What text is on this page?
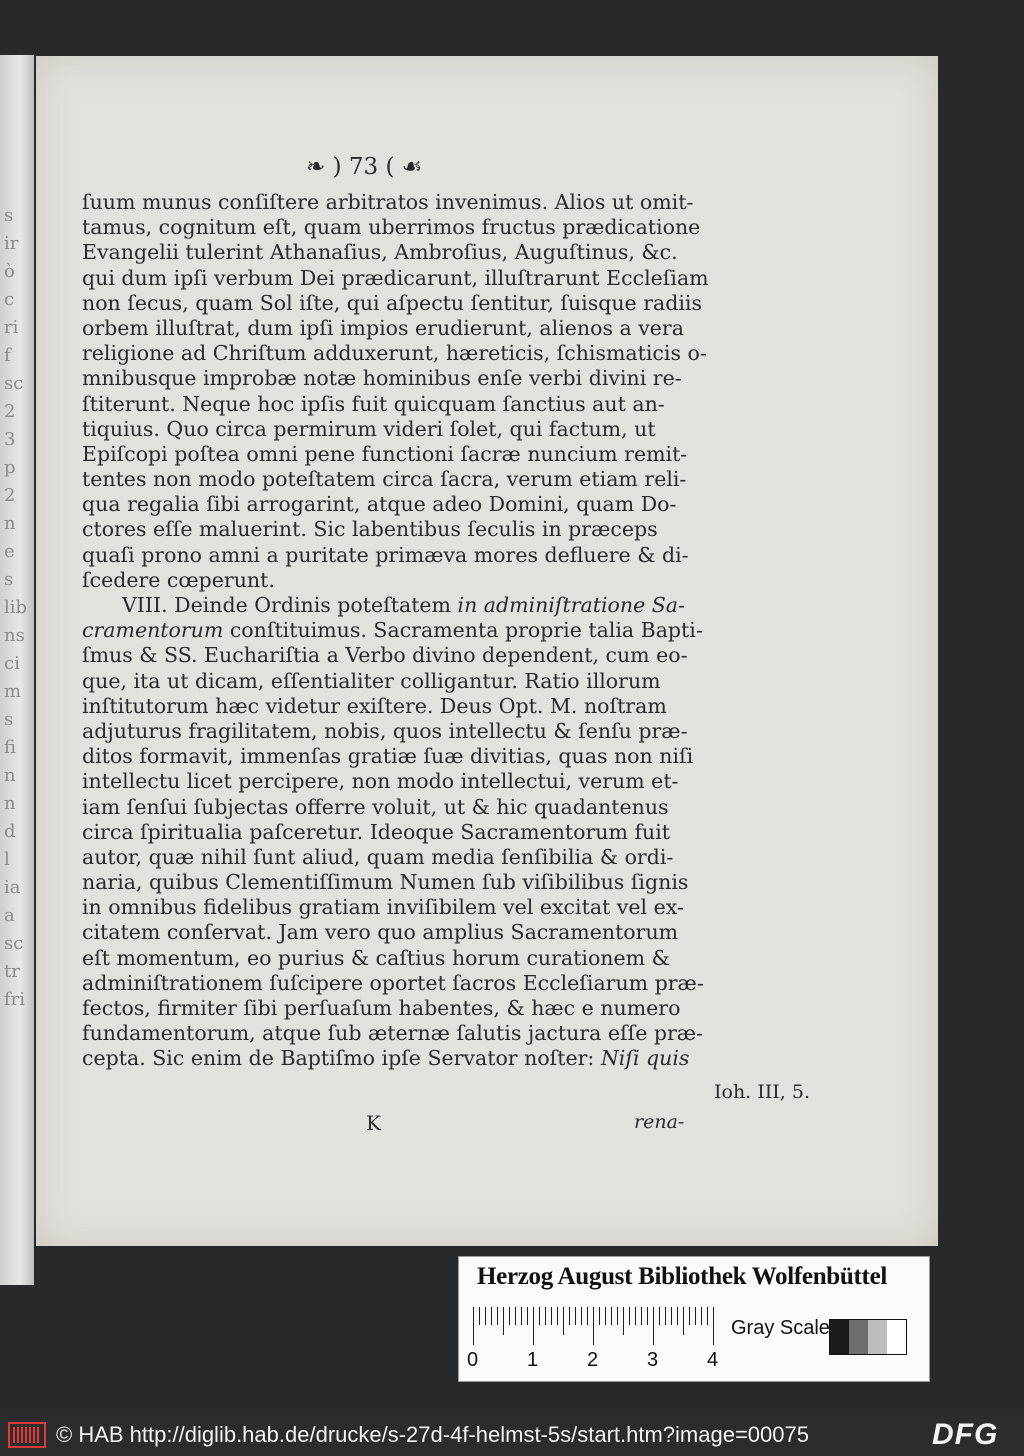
s
ir
ò
c
ri
f
sc
2
3
p
2
n
e
s
lib
ns
ci
m
s
fi
n
n
d
l
ia
a
sc
tr
fri
❧ ) 73 ( ☙
ſuum munus conſiſtere arbitratos invenimus. Alios ut omit-
tamus, cognitum eſt, quam uberrimos fructus prædicatione
Evangelii tulerint Athanaſius, Ambroſius, Auguſtinus, &c.
qui dum ipſi verbum Dei prædicarunt, illuſtrarunt Eccleſiam
non ſecus, quam Sol iſte, qui aſpectu ſentitur, ſuisque radiis
orbem illuſtrat, dum ipſi impios erudierunt, alienos a vera
religione ad Chriſtum adduxerunt, hæreticis, ſchismaticis o-
mnibusque improbæ notæ hominibus enſe verbi divini re-
ſtiterunt. Neque hoc ipſis fuit quicquam ſanctius aut an-
tiquius. Quo circa permirum videri ſolet, qui factum, ut
Epiſcopi poſtea omni pene functioni ſacræ nuncium remit-
tentes non modo poteſtatem circa ſacra, verum etiam reli-
qua regalia ſibi arrogarint, atque adeo Domini, quam Do-
ctores eſſe maluerint. Sic labentibus ſeculis in præceps
quaſi prono amni a puritate primæva mores defluere & di-
ſcedere cœperunt.
VIII. Deinde Ordinis poteſtatem in adminiſtratione Sa-
cramentorum conſtituimus. Sacramenta proprie talia Bapti-
ſmus & SS. Euchariſtia a Verbo divino dependent, cum eo-
que, ita ut dicam, eſſentialiter colligantur. Ratio illorum
inſtitutorum hæc videtur exiſtere. Deus Opt. M. noſtram
adjuturus fragilitatem, nobis, quos intellectu & ſenſu præ-
ditos formavit, immenſas gratiæ ſuæ divitias, quas non niſi
intellectu licet percipere, non modo intellectui, verum et-
iam ſenſui ſubjectas offerre voluit, ut & hic quadantenus
circa ſpiritualia paſceretur. Ideoque Sacramentorum fuit
autor, quæ nihil ſunt aliud, quam media ſenſibilia & ordi-
naria, quibus Clementiſſimum Numen ſub viſibilibus ſignis
in omnibus fidelibus gratiam inviſibilem vel excitat vel ex-
citatem conſervat. Jam vero quo amplius Sacramentorum
eſt momentum, eo purius & caſtius horum curationem &
adminiſtrationem ſuſcipere oportet ſacros Eccleſiarum præ-
fectos, firmiter ſibi perſuaſum habentes, & hæc e numero
fundamentorum, atque ſub æternæ ſalutis jactura eſſe præ-
cepta. Sic enim de Baptiſmo ipſe Servator noſter: Niſi quis
Ioh. III, 5.
K	rena-
Herzog August Bibliothek Wolfenbüttel
0 1 2 3 4
Gray Scale
© HAB http://diglib.hab.de/drucke/s-27d-4f-helmst-5s/start.htm?image=00075	DFG
